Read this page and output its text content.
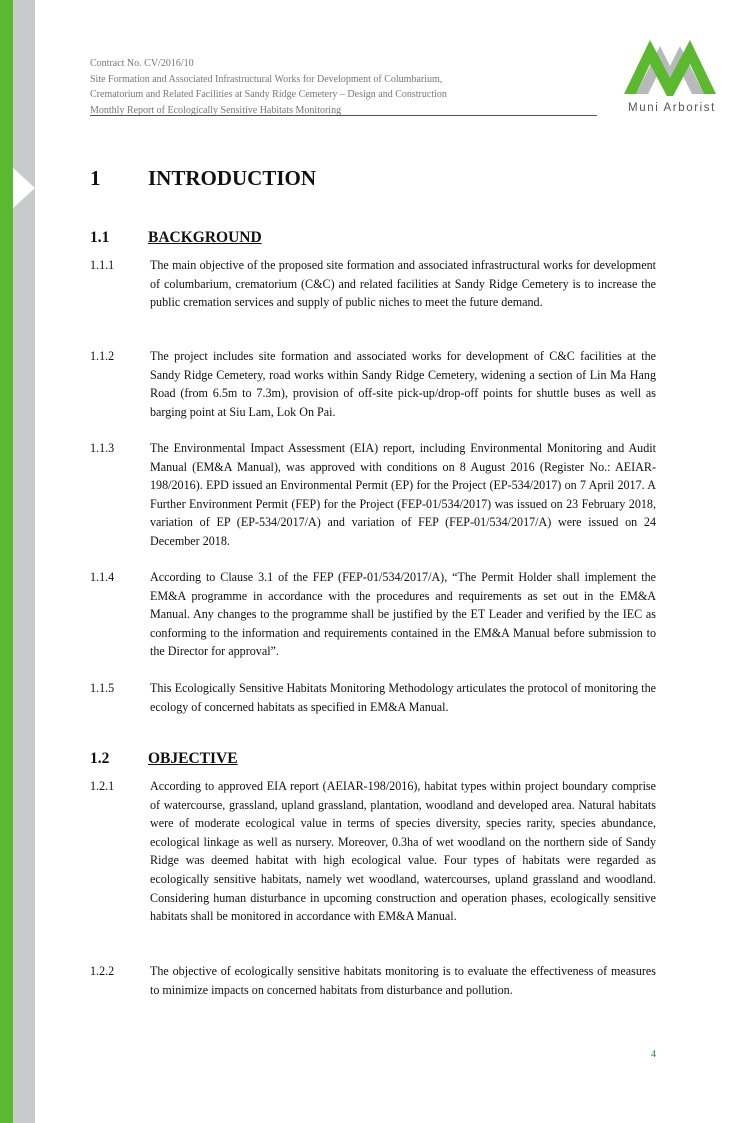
Contract No. CV/2016/10
Site Formation and Associated Infrastructural Works for Development of Columbarium,
Crematorium and Related Facilities at Sandy Ridge Cemetery – Design and Construction
Monthly Report of Ecologically Sensitive Habitats Monitoring	Muni Arborist
1 INTRODUCTION
1.1 BACKGROUND
1.1.1	The main objective of the proposed site formation and associated infrastructural works for development of columbarium, crematorium (C&C) and related facilities at Sandy Ridge Cemetery is to increase the public cremation services and supply of public niches to meet the future demand.
1.1.2	The project includes site formation and associated works for development of C&C facilities at the Sandy Ridge Cemetery, road works within Sandy Ridge Cemetery, widening a section of Lin Ma Hang Road (from 6.5m to 7.3m), provision of off-site pick-up/drop-off points for shuttle buses as well as barging point at Siu Lam, Lok On Pai.
1.1.3	The Environmental Impact Assessment (EIA) report, including Environmental Monitoring and Audit Manual (EM&A Manual), was approved with conditions on 8 August 2016 (Register No.: AEIAR-198/2016). EPD issued an Environmental Permit (EP) for the Project (EP-534/2017) on 7 April 2017. A Further Environment Permit (FEP) for the Project (FEP-01/534/2017) was issued on 23 February 2018, variation of EP (EP-534/2017/A) and variation of FEP (FEP-01/534/2017/A) were issued on 24 December 2018.
1.1.4	According to Clause 3.1 of the FEP (FEP-01/534/2017/A), “The Permit Holder shall implement the EM&A programme in accordance with the procedures and requirements as set out in the EM&A Manual. Any changes to the programme shall be justified by the ET Leader and verified by the IEC as conforming to the information and requirements contained in the EM&A Manual before submission to the Director for approval”.
1.1.5	This Ecologically Sensitive Habitats Monitoring Methodology articulates the protocol of monitoring the ecology of concerned habitats as specified in EM&A Manual.
1.2 OBJECTIVE
1.2.1	According to approved EIA report (AEIAR-198/2016), habitat types within project boundary comprise of watercourse, grassland, upland grassland, plantation, woodland and developed area. Natural habitats were of moderate ecological value in terms of species diversity, species rarity, species abundance, ecological linkage as well as nursery. Moreover, 0.3ha of wet woodland on the northern side of Sandy Ridge was deemed habitat with high ecological value. Four types of habitats were regarded as ecologically sensitive habitats, namely wet woodland, watercourses, upland grassland and woodland. Considering human disturbance in upcoming construction and operation phases, ecologically sensitive habitats shall be monitored in accordance with EM&A Manual.
1.2.2	The objective of ecologically sensitive habitats monitoring is to evaluate the effectiveness of measures to minimize impacts on concerned habitats from disturbance and pollution.
4
